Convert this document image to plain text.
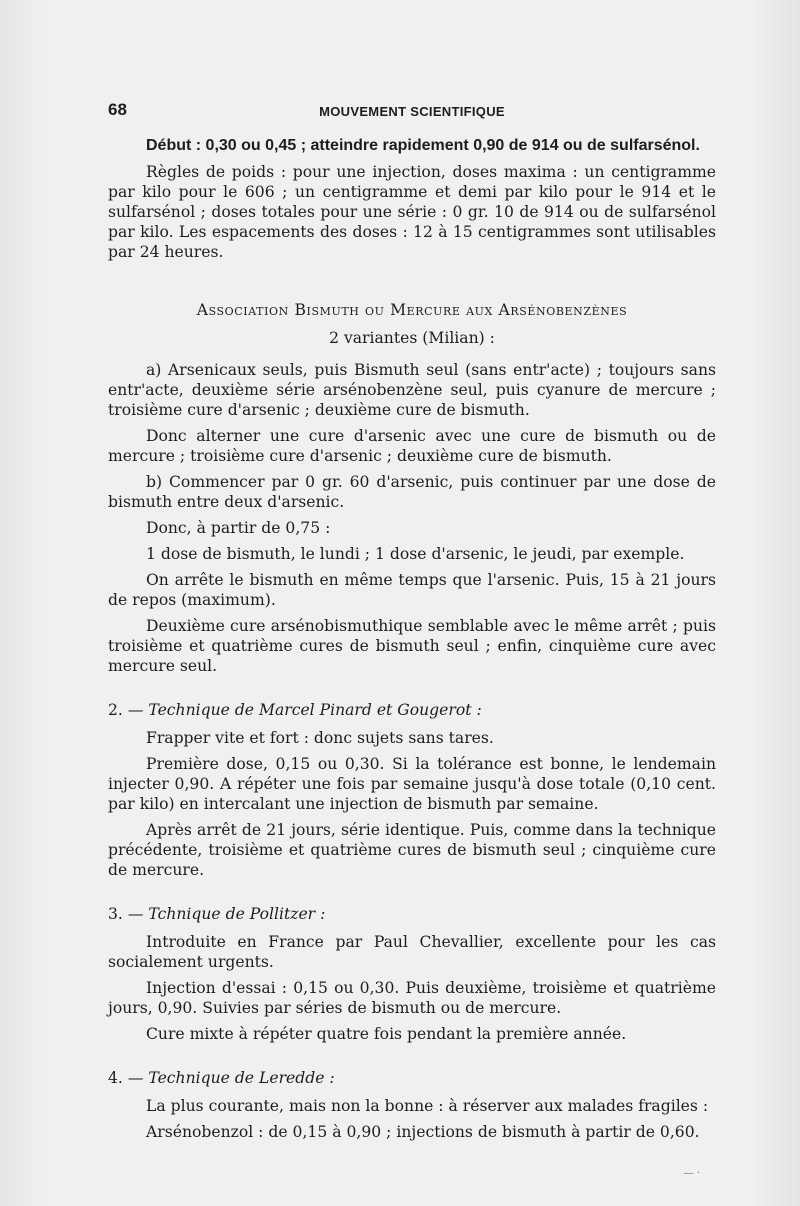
68	MOUVEMENT SCIENTIFIQUE

Début : 0,30 ou 0,45 ; atteindre rapidement 0,90 de 914 ou de sulfarsénol.

Règles de poids : pour une injection, doses maxima : un centigramme par kilo pour le 606 ; un centigramme et demi par kilo pour le 914 et le sulfarsénol ; doses totales pour une série : 0 gr. 10 de 914 ou de sulfarsénol par kilo. Les espacements des doses : 12 à 15 centigrammes sont utilisables par 24 heures.

Association Bismuth ou Mercure aux Arsénobenzènes

2 variantes (Milian) :

a) Arsenicaux seuls, puis Bismuth seul (sans entr'acte) ; toujours sans entr'acte, deuxième série arsénobenzène seul, puis cyanure de mercure ; troisième cure d'arsenic ; deuxième cure de bismuth.

Donc alterner une cure d'arsenic avec une cure de bismuth ou de mercure ; troisième cure d'arsenic ; deuxième cure de bismuth.

b) Commencer par 0 gr. 60 d'arsenic, puis continuer par une dose de bismuth entre deux d'arsenic.

Donc, à partir de 0,75 :

1 dose de bismuth, le lundi ; 1 dose d'arsenic, le jeudi, par exemple.

On arrête le bismuth en même temps que l'arsenic. Puis, 15 à 21 jours de repos (maximum).

Deuxième cure arsénobismuthique semblable avec le même arrêt ; puis troisième et quatrième cures de bismuth seul ; enfin, cinquième cure avec mercure seul.

2. — Technique de Marcel Pinard et Gougerot :

Frapper vite et fort : donc sujets sans tares.

Première dose, 0,15 ou 0,30. Si la tolérance est bonne, le lendemain injecter 0,90. A répéter une fois par semaine jusqu'à dose totale (0,10 cent. par kilo) en intercalant une injection de bismuth par semaine.

Après arrêt de 21 jours, série identique. Puis, comme dans la technique précédente, troisième et quatrième cures de bismuth seul ; cinquième cure de mercure.

3. — Tchnique de Pollitzer :

Introduite en France par Paul Chevallier, excellente pour les cas socialement urgents.

Injection d'essai : 0,15 ou 0,30. Puis deuxième, troisième et quatrième jours, 0,90. Suivies par séries de bismuth ou de mercure.

Cure mixte à répéter quatre fois pendant la première année.

4. — Technique de Leredde :

La plus courante, mais non la bonne : à réserver aux malades fragiles :

Arsénobenzol : de 0,15 à 0,90 ; injections de bismuth à partir de 0,60.

— ·
